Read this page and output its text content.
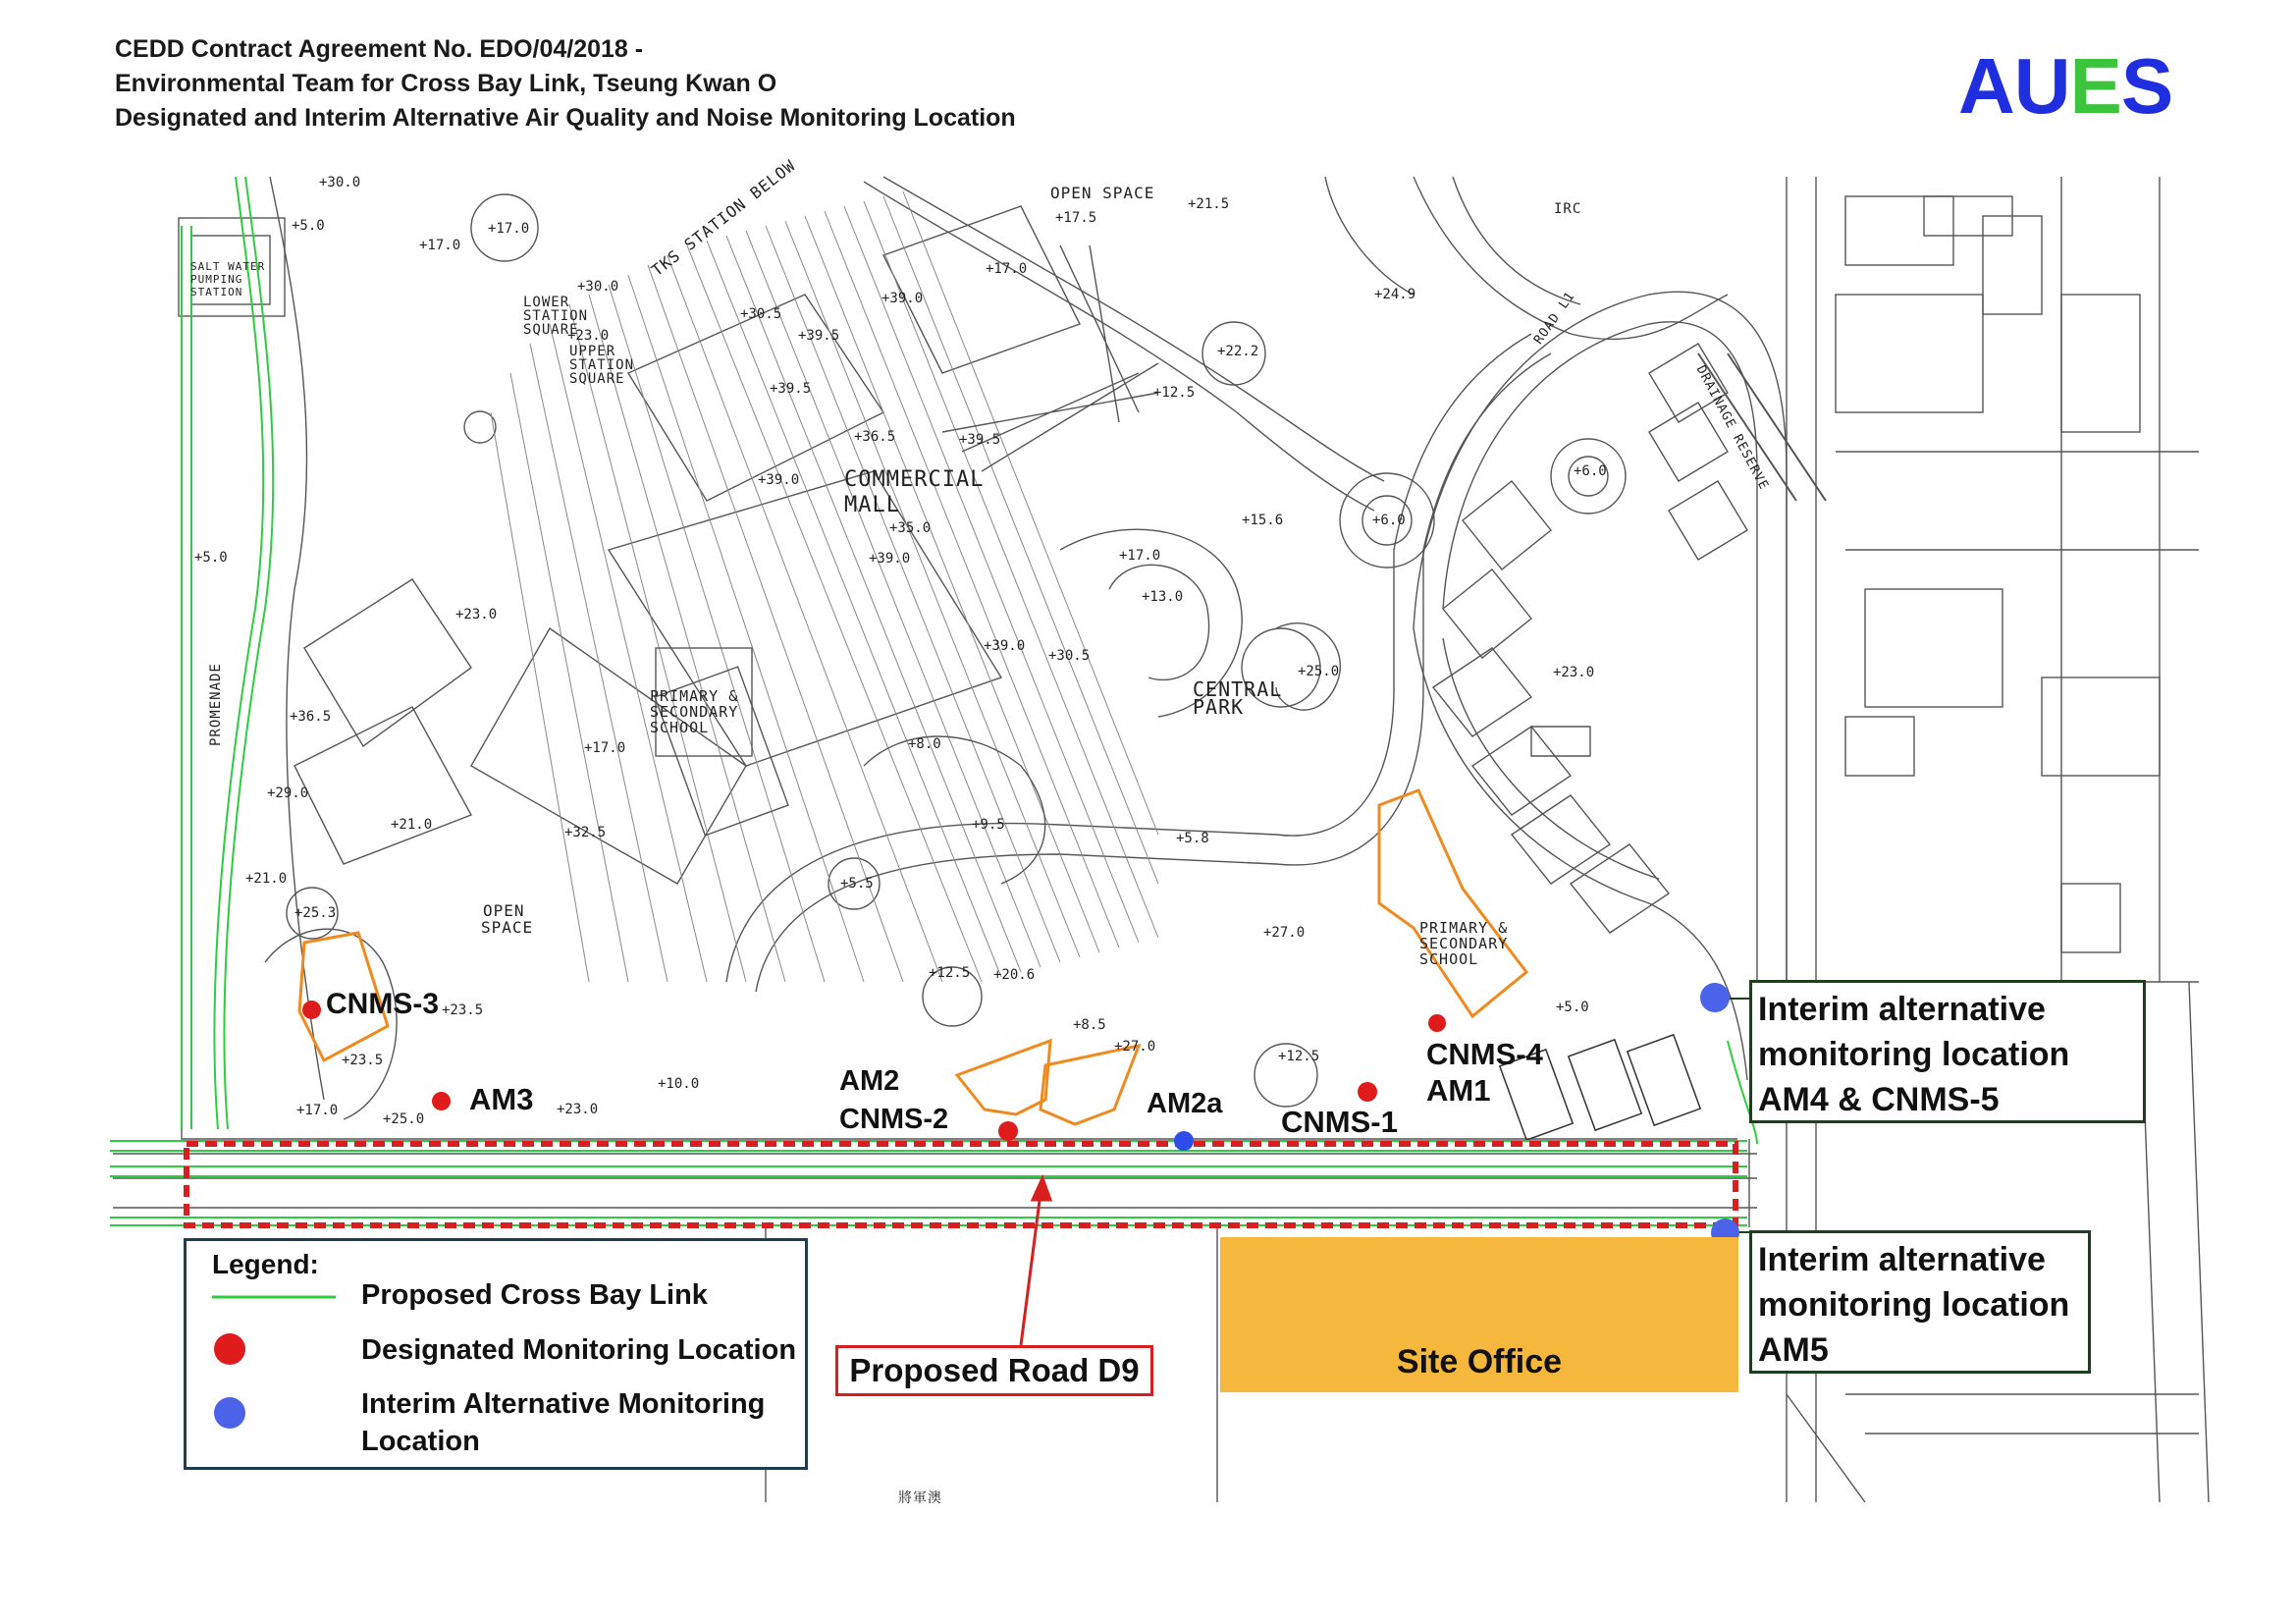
CEDD Contract Agreement No. EDO/04/2018 -
Environmental Team for Cross Bay Link, Tseung Kwan O
Designated and Interim Alternative Air Quality and Noise Monitoring Location	AUES
COMMERCIAL
MALL
CENTRAL
PARK
OPEN SPACE
OPEN
SPACE
PRIMARY &
SECONDARY
SCHOOL
PRIMARY &
SECONDARY
SCHOOL
TKS STATION BELOW
SALT WATER
PUMPING
STATION
LOWER
STATION
SQUARE
UPPER
STATION
SQUARE
PROMENADE
IRC
DRAINAGE RESERVE
ROAD L1
將軍澳
+30.0
+5.0
+17.0
+17.0
+30.0
+23.0
+30.5
+39.5
+39.0
+17.0
+21.5
+17.5
+24.9
+22.2
+39.5
+36.5	+39.5
+12.5
+39.0
+35.0
+39.0
+6.0
+15.6
+17.0
+13.0
+6.0
+23.0
+23.0
+30.5
+25.0
+39.0
+17.0
+36.5
+29.0
+21.0	+32.5
+8.0
+9.5
+5.8
+25.3
+21.0
+23.5
+23.5
+17.0
+25.0
+23.0
+10.0
+12.5 +20.6
+8.5
+27.0
+12.5
+27.0
+5.0
+5.0
+5.5
CNMS-3
AM3
AM2
CNMS-2	AM2a
CNMS-1
CNMS-4
AM1
Interim alternative
monitoring location
AM4 & CNMS-5
Interim alternative
monitoring location
AM5
Site Office
Proposed Road D9
Legend:
Proposed Cross Bay Link
Designated Monitoring Location
Interim Alternative Monitoring
Location
